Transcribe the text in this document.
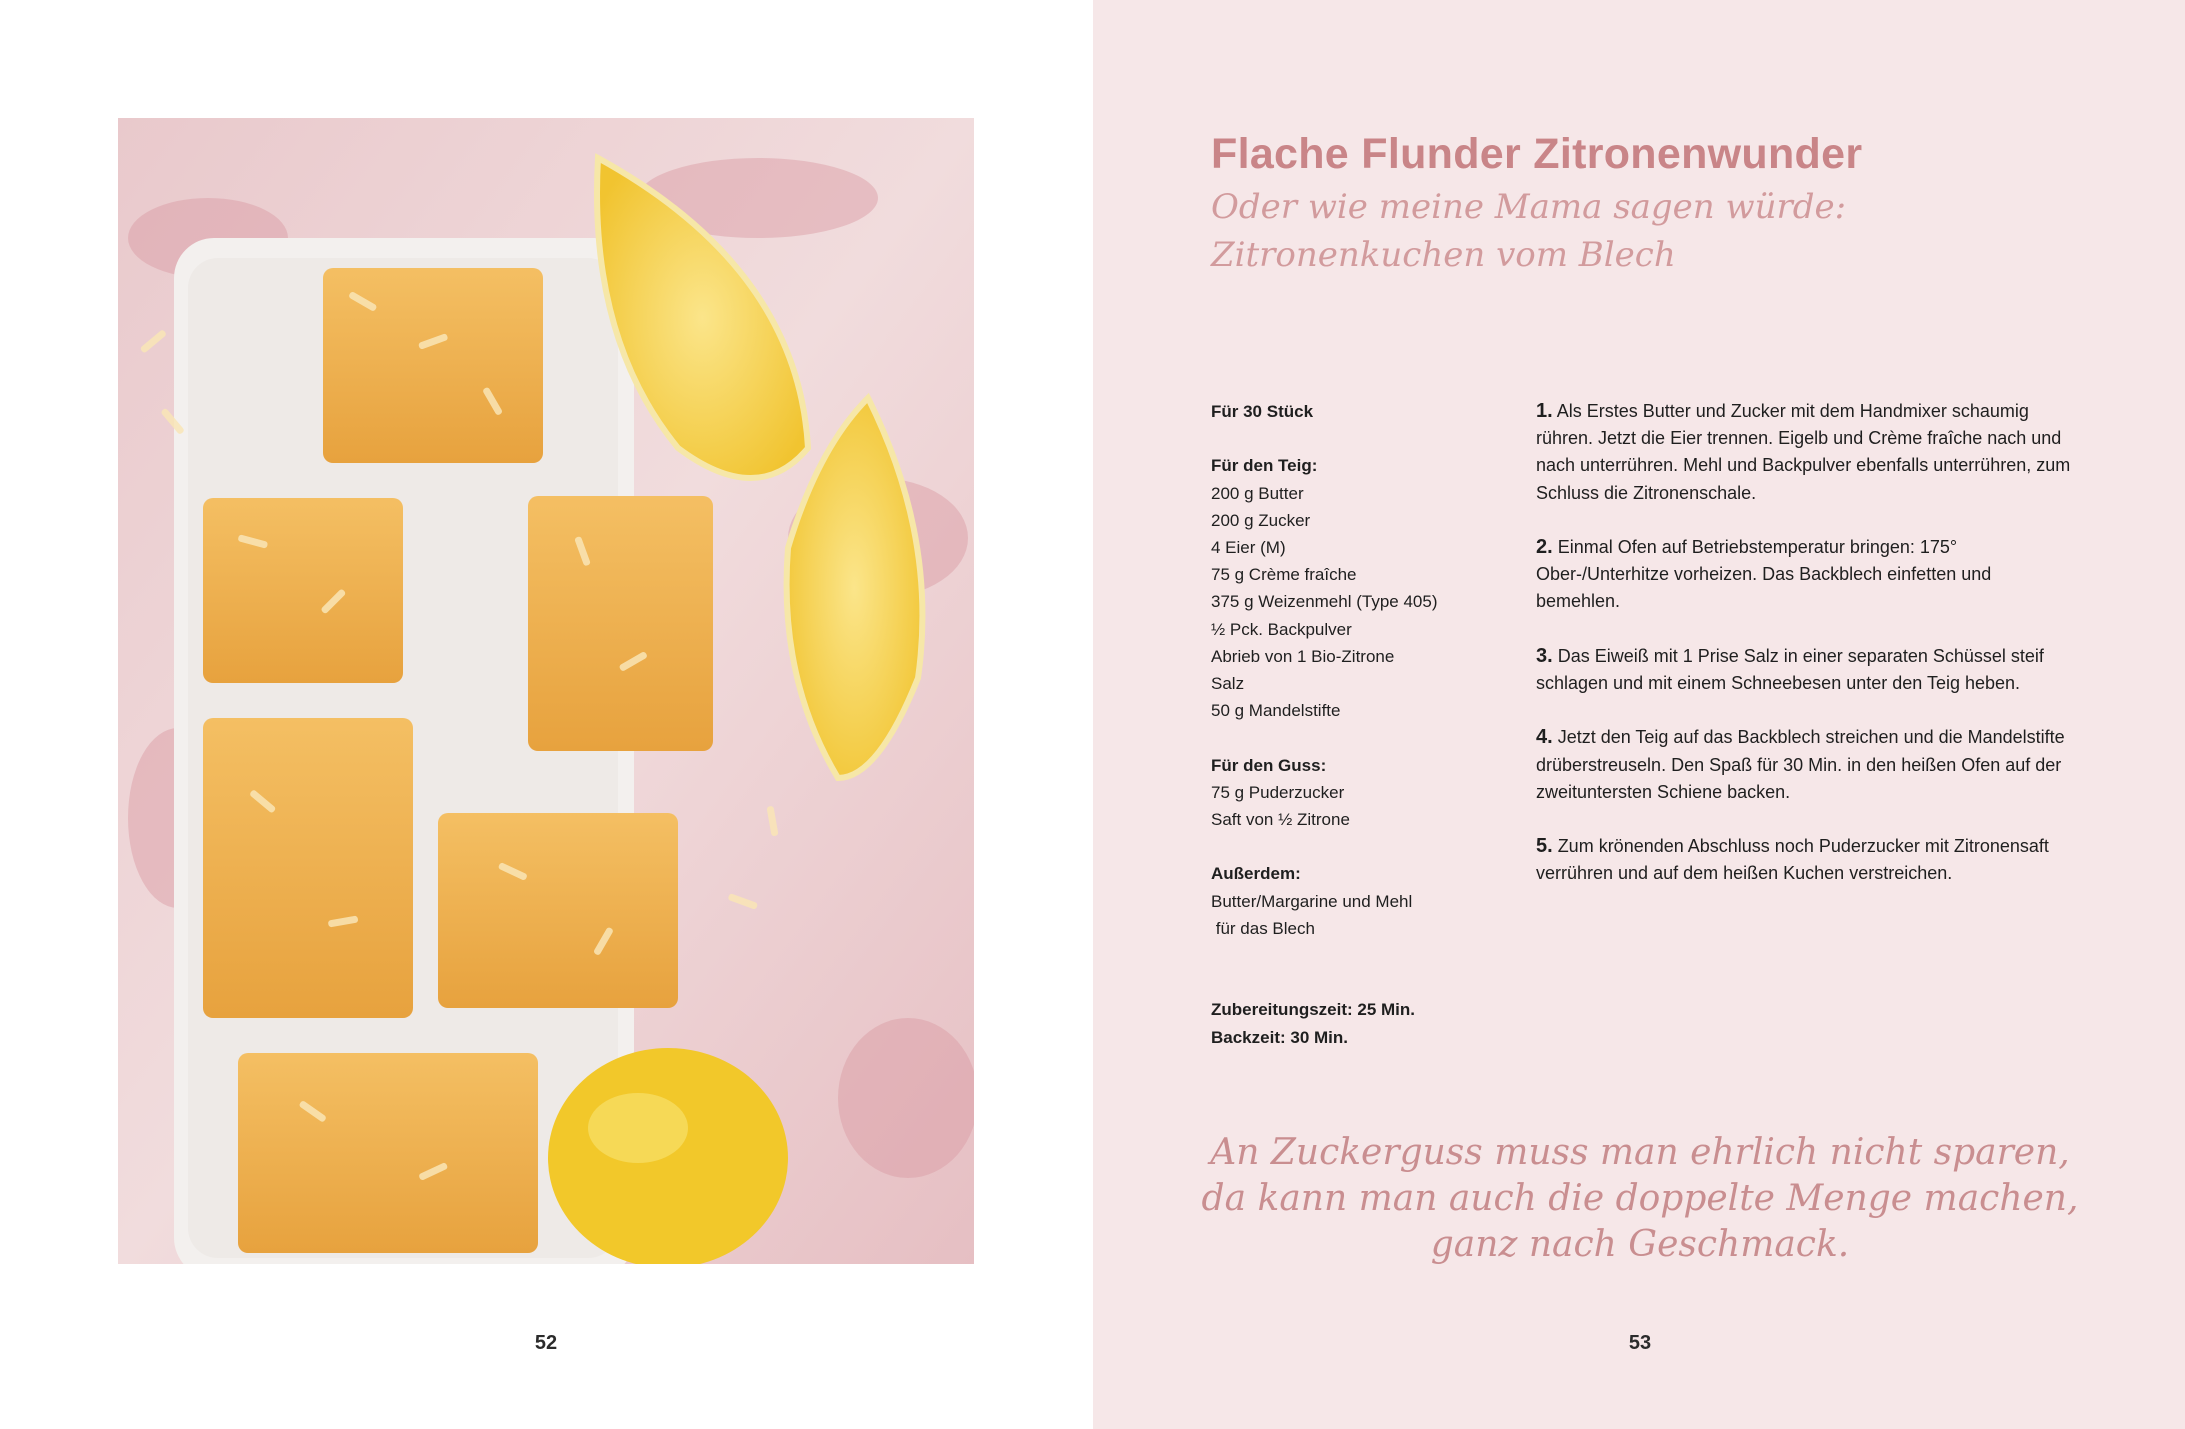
52
Flache Flunder Zitronenwunder
Oder wie meine Mama sagen würde:
Zitronenkuchen vom Blech
Für 30 Stück
Für den Teig:
200 g Butter
200 g Zucker
4 Eier (M)
75 g Crème fraîche
375 g Weizenmehl (Type 405)
½ Pck. Backpulver
Abrieb von 1 Bio-Zitrone
Salz
50 g Mandelstifte
Für den Guss:
75 g Puderzucker
Saft von ½ Zitrone
Außerdem:
Butter/Margarine und Mehl
für das Blech
Zubereitungszeit: 25 Min.
Backzeit: 30 Min.

1. Als Erstes Butter und Zucker mit dem Handmixer schaumig rühren. Jetzt die Eier trennen. Eigelb und Crème fraîche nach und nach unterrühren. Mehl und Backpulver ebenfalls unterrühren, zum Schluss die Zitronenschale.

2. Einmal Ofen auf Betriebstemperatur bringen: 175° Ober-/Unterhitze vorheizen. Das Backblech einfetten und bemehlen.

3. Das Eiweiß mit 1 Prise Salz in einer separaten Schüssel steif schlagen und mit einem Schneebesen unter den Teig heben.

4. Jetzt den Teig auf das Backblech streichen und die Mandelstifte drüberstreuseln. Den Spaß für 30 Min. in den heißen Ofen auf der zweituntersten Schiene backen.

5. Zum krönenden Abschluss noch Puderzucker mit Zitronensaft verrühren und auf dem heißen Kuchen verstreichen.

An Zuckerguss muss man ehrlich nicht sparen,
da kann man auch die doppelte Menge machen,
ganz nach Geschmack.
53
